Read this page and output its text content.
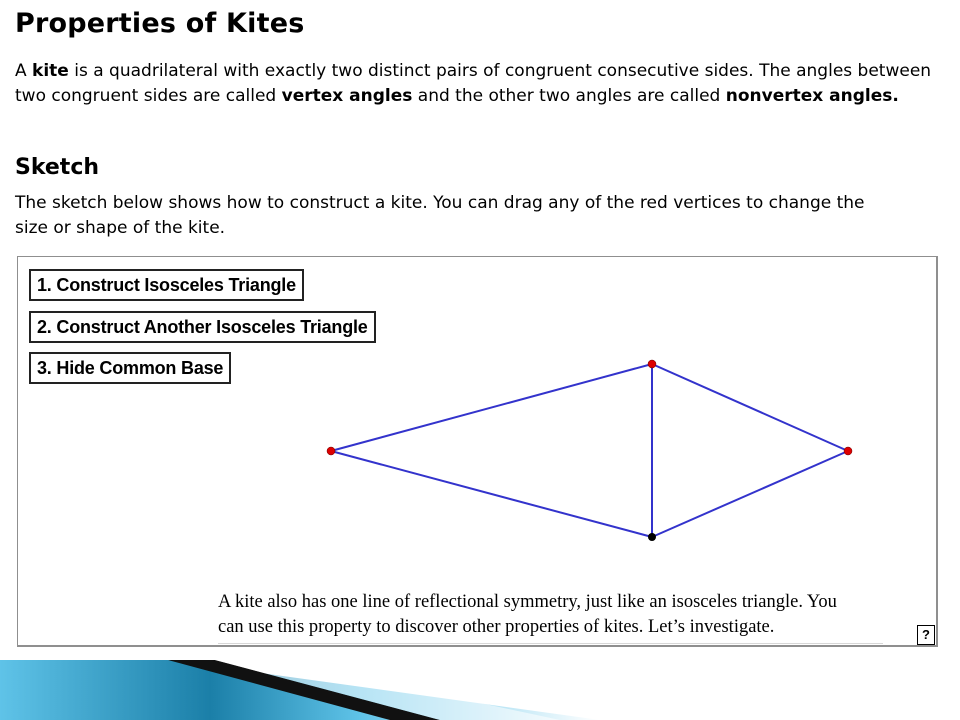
Properties of Kites

A kite is a quadrilateral with exactly two distinct pairs of congruent consecutive sides. The angles between two congruent sides are called vertex angles and the other two angles are called nonvertex angles.

Sketch

The sketch below shows how to construct a kite. You can drag any of the red vertices to change the
size or shape of the kite.

1. Construct Isosceles Triangle
2. Construct Another Isosceles Triangle
3. Hide Common Base

A kite also has one line of reflectional symmetry, just like an isosceles triangle. You
can use this property to discover other properties of kites. Let’s investigate.	?
